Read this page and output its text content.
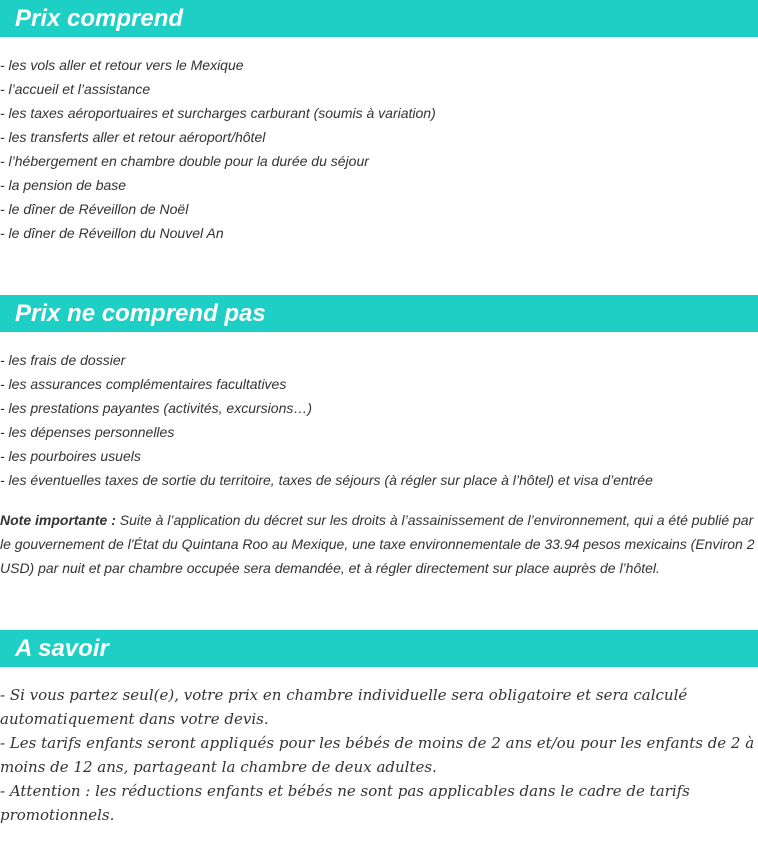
Prix comprend
- les vols aller et retour vers le Mexique
- l’accueil et l’assistance
- les taxes aéroportuaires et surcharges carburant (soumis à variation)
- les transferts aller et retour aéroport/hôtel
- l’hébergement en chambre double pour la durée du séjour
- la pension de base
- le dîner de Réveillon de Noël
- le dîner de Réveillon du Nouvel An
Prix ne comprend pas
- les frais de dossier
- les assurances complémentaires facultatives
- les prestations payantes (activités, excursions…)
- les dépenses personnelles
- les pourboires usuels
- les éventuelles taxes de sortie du territoire, taxes de séjours (à régler sur place à l’hôtel) et visa d’entrée

Note importante : Suite à l’application du décret sur les droits à l’assainissement de l’environnement, qui a été publié par le gouvernement de l'État du Quintana Roo au Mexique, une taxe environnementale de 33.94 pesos mexicains (Environ 2 USD) par nuit et par chambre occupée sera demandée, et à régler directement sur place auprès de l’hôtel.

A savoir

- Si vous partez seul(e), votre prix en chambre individuelle sera obligatoire et sera calculé automatiquement dans votre devis.

- Les tarifs enfants seront appliqués pour les bébés de moins de 2 ans et/ou pour les enfants de 2 à moins de 12 ans, partageant la chambre de deux adultes.

- Attention : les réductions enfants et bébés ne sont pas applicables dans le cadre de tarifs promotionnels.
